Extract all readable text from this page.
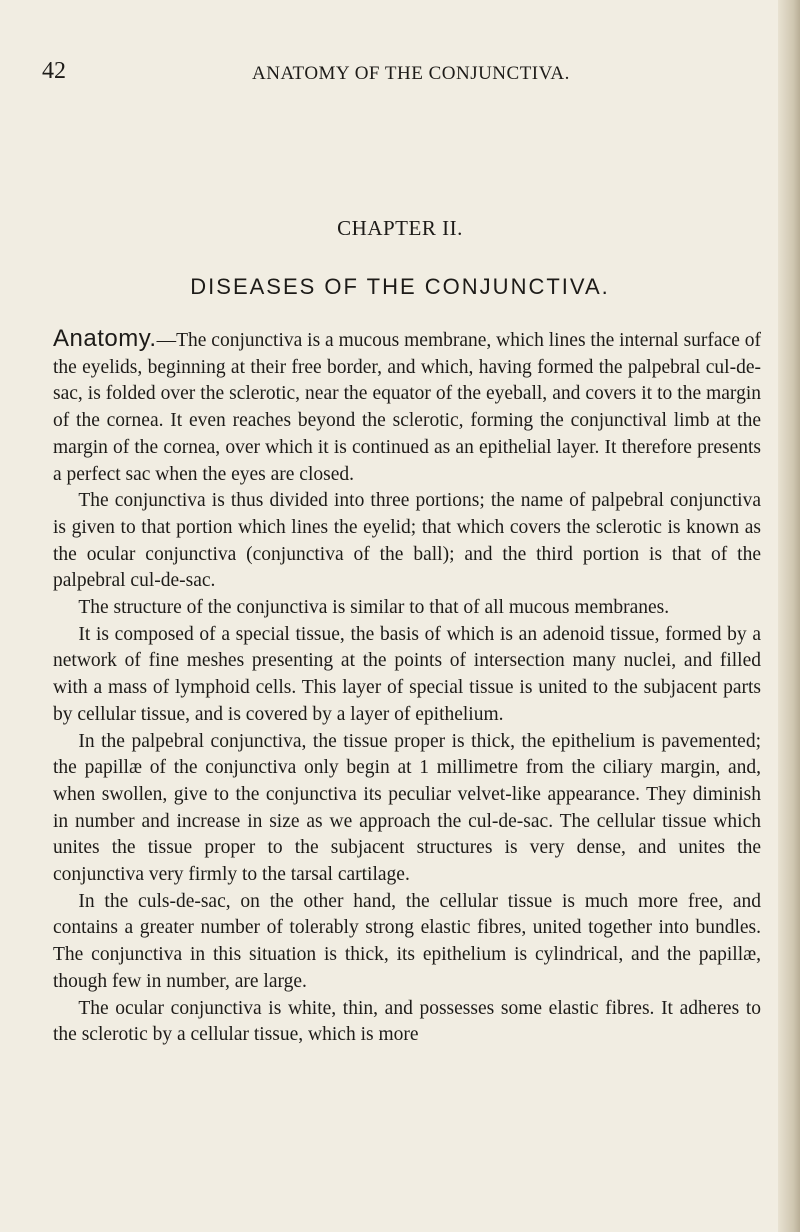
42	ANATOMY OF THE CONJUNCTIVA.
CHAPTER II.
DISEASES OF THE CONJUNCTIVA.

Anatomy.—The conjunctiva is a mucous membrane, which lines the internal surface of the eyelids, beginning at their free border, and which, having formed the palpebral cul-de-sac, is folded over the sclerotic, near the equator of the eyeball, and covers it to the margin of the cornea. It even reaches beyond the sclerotic, forming the conjunctival limb at the margin of the cornea, over which it is continued as an epithelial layer. It therefore presents a perfect sac when the eyes are closed.

The conjunctiva is thus divided into three portions; the name of palpebral conjunctiva is given to that portion which lines the eyelid; that which covers the sclerotic is known as the ocular conjunctiva (conjunctiva of the ball); and the third portion is that of the palpebral cul-de-sac.

The structure of the conjunctiva is similar to that of all mucous membranes.

It is composed of a special tissue, the basis of which is an adenoid tissue, formed by a network of fine meshes presenting at the points of intersection many nuclei, and filled with a mass of lymphoid cells. This layer of special tissue is united to the subjacent parts by cellular tissue, and is covered by a layer of epithelium.

In the palpebral conjunctiva, the tissue proper is thick, the epithelium is pavemented; the papillæ of the conjunctiva only begin at 1 millimetre from the ciliary margin, and, when swollen, give to the conjunctiva its peculiar velvet-like appearance. They diminish in number and increase in size as we approach the cul-de-sac. The cellular tissue which unites the tissue proper to the subjacent structures is very dense, and unites the conjunctiva very firmly to the tarsal cartilage.

In the culs-de-sac, on the other hand, the cellular tissue is much more free, and contains a greater number of tolerably strong elastic fibres, united together into bundles. The conjunctiva in this situation is thick, its epithelium is cylindrical, and the papillæ, though few in number, are large.

The ocular conjunctiva is white, thin, and possesses some elastic fibres. It adheres to the sclerotic by a cellular tissue, which is more
